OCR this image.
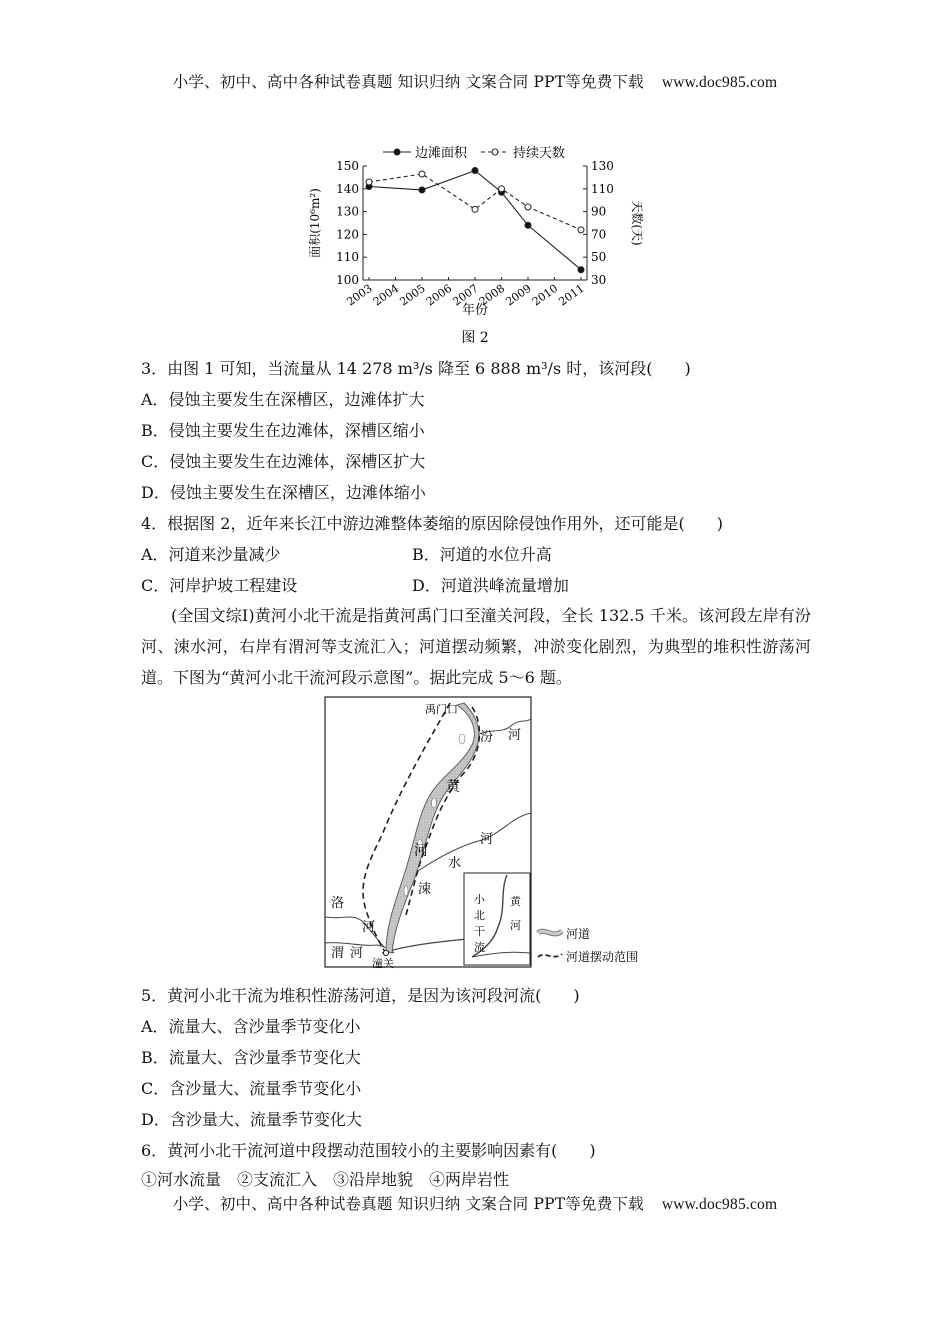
小学、初中、高中各种试卷真题 知识归纳 文案合同 PPT等免费下载 www.doc985.com
150
140
130
120
110
100
130
110
90
70
50
30
2003
2004
2005
2006
2007
2008
2009
2010
2011
年份
面积(10⁶m²)	天数(天)
边滩面积	持续天数
图 2
3．由图 1 可知，当流量从 14 278 m³/s 降至 6 888 m³/s 时，该河段(　　)
A．侵蚀主要发生在深槽区，边滩体扩大
B．侵蚀主要发生在边滩体，深槽区缩小
C．侵蚀主要发生在边滩体，深槽区扩大
D．侵蚀主要发生在深槽区，边滩体缩小
4．根据图 2，近年来长江中游边滩整体萎缩的原因除侵蚀作用外，还可能是(　　)
A．河道来沙量减少	B．河道的水位升高
C．河岸护坡工程建设	D．河道洪峰流量增加
(全国文综Ⅰ)黄河小北干流是指黄河禹门口至潼关河段，全长 132.5 千米。该河段左岸有汾河、涑水河，右岸有渭河等支流汇入；河道摆动频繁，冲淤变化剧烈，为典型的堆积性游荡河道。下图为“黄河小北干流河段示意图”。据此完成 5～6 题。
禹门口
汾 河
黄
河
河
水
涑
洛
河
渭 河
潼关
小
北
干
流
黄
河
河道
河道摆动范围
5．黄河小北干流为堆积性游荡河道，是因为该河段河流(　　)
A．流量大、含沙量季节变化小
B．流量大、含沙量季节变化大
C．含沙量大、流量季节变化小
D．含沙量大、流量季节变化大
6．黄河小北干流河道中段摆动范围较小的主要影响因素有(　　)
①河水流量　②支流汇入　③沿岸地貌　④两岸岩性
小学、初中、高中各种试卷真题 知识归纳 文案合同 PPT等免费下载 www.doc985.com
